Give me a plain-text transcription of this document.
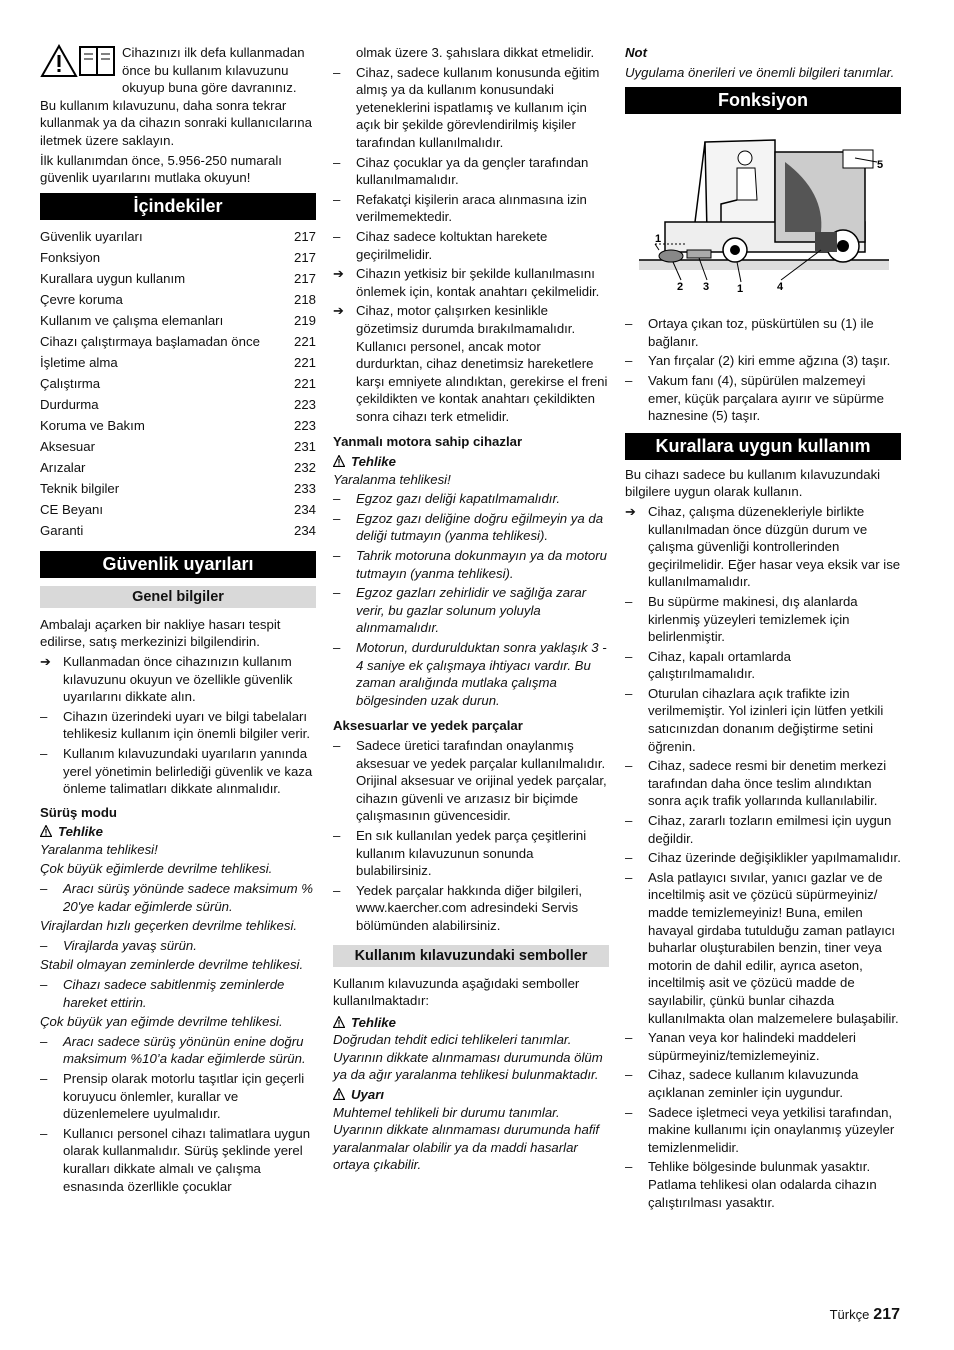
Cihazınızı ilk defa kullanmadan önce bu kullanım kılavuzunu okuyup buna göre davranınız. Bu kullanım kılavuzunu, daha sonra tekrar kullanmak ya da cihazın sonraki kullanıcılarına iletmek üzere saklayın.

İlk kullanımdan önce, 5.956-250 numaralı güvenlik uyarılarını mutlaka okuyun!

İçindekiler
Güvenlik uyarıları	217
Fonksiyon	217
Kurallara uygun kullanım	217
Çevre koruma	218
Kullanım ve çalışma elemanları	219
Cihazı çalıştırmaya başlamadan önce	221
İşletime alma	221
Çalıştırma	221
Durdurma	223
Koruma ve Bakım	223
Aksesuar	231
Arızalar	232
Teknik bilgiler	233
CE Beyanı	234
Garanti	234
Güvenlik uyarıları
Genel bilgiler

Ambalajı açarken bir nakliye hasarı tespit edilirse, satış merkezinizi bilgilendirin.

➔ Kullanmadan önce cihazınızın kullanım kılavuzunu okuyun ve özellikle güvenlik uyarılarını dikkate alın.
–	Cihazın üzerindeki uyarı ve bilgi tabelaları tehlikesiz kullanım için önemli bilgiler verir.
–	Kullanım kılavuzundaki uyarıların yanında yerel yönetimin belirlediği güvenlik ve kaza önleme talimatları dikkate alınmalıdır.
Sürüş modu
Tehlike

Yaralanma tehlikesi!

Çok büyük eğimlerde devrilme tehlikesi.

–	Aracı sürüş yönünde sadece maksimum % 20'ye kadar eğimlerde sürün.

Virajlardan hızlı geçerken devrilme tehlikesi.

–	Virajlarda yavaş sürün.

Stabil olmayan zeminlerde devrilme tehlikesi.

–	Cihazı sadece sabitlenmiş zeminlerde hareket ettirin.

Çok büyük yan eğimde devrilme tehlikesi.

–	Aracı sadece sürüş yönünün enine doğru maksimum %10’a kadar eğimlerde sürün.
–	Prensip olarak motorlu taşıtlar için geçerli koruyucu önlemler, kurallar ve düzenlemelere uyulmalıdır.
–	Kullanıcı personel cihazı talimatlara uygun olarak kullanmalıdır. Sürüş şeklinde yerel kuralları dikkate almalı ve çalışma esnasında özerllikle çocuklar

olmak üzere 3. şahıslara dikkat etmelidir.

–	Cihaz, sadece kullanım konusunda eğitim almış ya da kullanım konusundaki yeteneklerini ispatlamış ve kullanım için açık bir şekilde görevlendirilmiş kişiler tarafından kullanılmalıdır.
–	Cihaz çocuklar ya da gençler tarafından kullanılmamalıdır.
–	Refakatçi kişilerin araca alınmasına izin verilmemektedir.
–	Cihaz sadece koltuktan harekete geçirilmelidir.
➔ Cihazın yetkisiz bir şekilde kullanılmasını önlemek için, kontak anahtarı çekilmelidir.
➔ Cihaz, motor çalışırken kesinlikle gözetimsiz durumda bırakılmamalıdır. Kullanıcı personel, ancak motor durdurktan, cihaz denetimsiz hareketlere karşı emniyete alındıktan, gerekirse el freni çekildikten ve kontak anahtarı çekildikten sonra cihazı terk etmelidir.
Yanmalı motora sahip cihazlar
Tehlike

Yaralanma tehlikesi!

–	Egzoz gazı deliği kapatılmamalıdır.
–	Egzoz gazı deliğine doğru eğilmeyin ya da deliği tutmayın (yanma tehlikesi).
–	Tahrik motoruna dokunmayın ya da motoru tutmayın (yanma tehlikesi).
–	Egzoz gazları zehirlidir ve sağlığa zarar verir, bu gazlar solunum yoluyla alınmamalıdır.
–	Motorun, durdurulduktan sonra yaklaşık 3 - 4 saniye ek çalışmaya ihtiyacı vardır. Bu zaman aralığında mutlaka çalışma bölgesinden uzak durun.
Aksesuarlar ve yedek parçalar
–	Sadece üretici tarafından onaylanmış aksesuar ve yedek parçalar kullanılmalıdır. Orijinal aksesuar ve orijinal yedek parçalar, cihazın güvenli ve arızasız bir biçimde çalışmasının güvencesidir.
–	En sık kullanılan yedek parça çeşitlerini kullanım kılavuzunun sonunda bulabilirsiniz.
–	Yedek parçalar hakkında diğer bilgileri, www.kaercher.com adresindeki Servis bölümünden alabilirsiniz.
Kullanım kılavuzundaki semboller

Kullanım kılavuzunda aşağıdaki semboller kullanılmaktadır:

Tehlike

Doğrudan tehdit edici tehlikeleri tanımlar. Uyarının dikkate alınmaması durumunda ölüm ya da ağır yaralanma tehlikesi bulunmaktadır.

Uyarı

Muhtemel tehlikeli bir durumu tanımlar. Uyarının dikkate alınmaması durumunda hafif yaralanmalar olabilir ya da maddi hasarlar ortaya çıkabilir.

Not

Uygulama önerileri ve önemli bilgileri tanımlar.

Fonksiyon
5
1
2 3	1	4
–	Ortaya çıkan toz, püskürtülen su (1) ile bağlanır.
–	Yan fırçalar (2) kiri emme ağzına (3) taşır.
–	Vakum fanı (4), süpürülen malzemeyi emer, küçük parçalara ayırır ve süpürme haznesine (5) taşır.
Kurallara uygun kullanım

Bu cihazı sadece bu kullanım kılavuzundaki bilgilere uygun olarak kullanın.

➔ Cihaz, çalışma düzenekleriyle birlikte kullanılmadan önce düzgün durum ve çalışma güvenliği kontrollerinden geçirilmelidir. Eğer hasar veya eksik var ise kullanılmamalıdır.
–	Bu süpürme makinesi, dış alanlarda kirlenmiş yüzeyleri temizlemek için belirlenmiştir.
–	Cihaz, kapalı ortamlarda çalıştırılmamalıdır.
–	Oturulan cihazlara açık trafikte izin verilmemiştir. Yol izinleri için lütfen yetkili satıcınızdan donanım değiştirme setini öğrenin.
–	Cihaz, sadece resmi bir denetim merkezi tarafından daha önce teslim alındıktan sonra açık trafik yollarında kullanılabilir.
–	Cihaz, zararlı tozların emilmesi için uygun değildir.
–	Cihaz üzerinde değişiklikler yapılmamalıdır.
–	Asla patlayıcı sıvılar, yanıcı gazlar ve de inceltilmiş asit ve çözücü süpürmeyiniz/ madde temizlemeyiniz! Buna, emilen havayal girdaba tutulduğu zaman patlayıcı buharlar oluşturabilen benzin, tiner veya motorin de dahil edilir, ayrıca aseton, inceltilmiş asit ve çözücü madde de sayılabilir, çünkü bunlar cihazda kullanılmakta olan malzemelere bulaşabilir.
–	Yanan veya kor halindeki maddeleri süpürmeyiniz/temizlemeyiniz.
–	Cihaz, sadece kullanım kılavuzunda açıklanan zeminler için uygundur.
–	Sadece işletmeci veya yetkilisi tarafından, makine kullanımı için onaylanmış yüzeyler temizlenmelidir.
–	Tehlike bölgesinde bulunmak yasaktır. Patlama tehlikesi olan odalarda cihazın çalıştırılması yasaktır.
Türkçe 217
